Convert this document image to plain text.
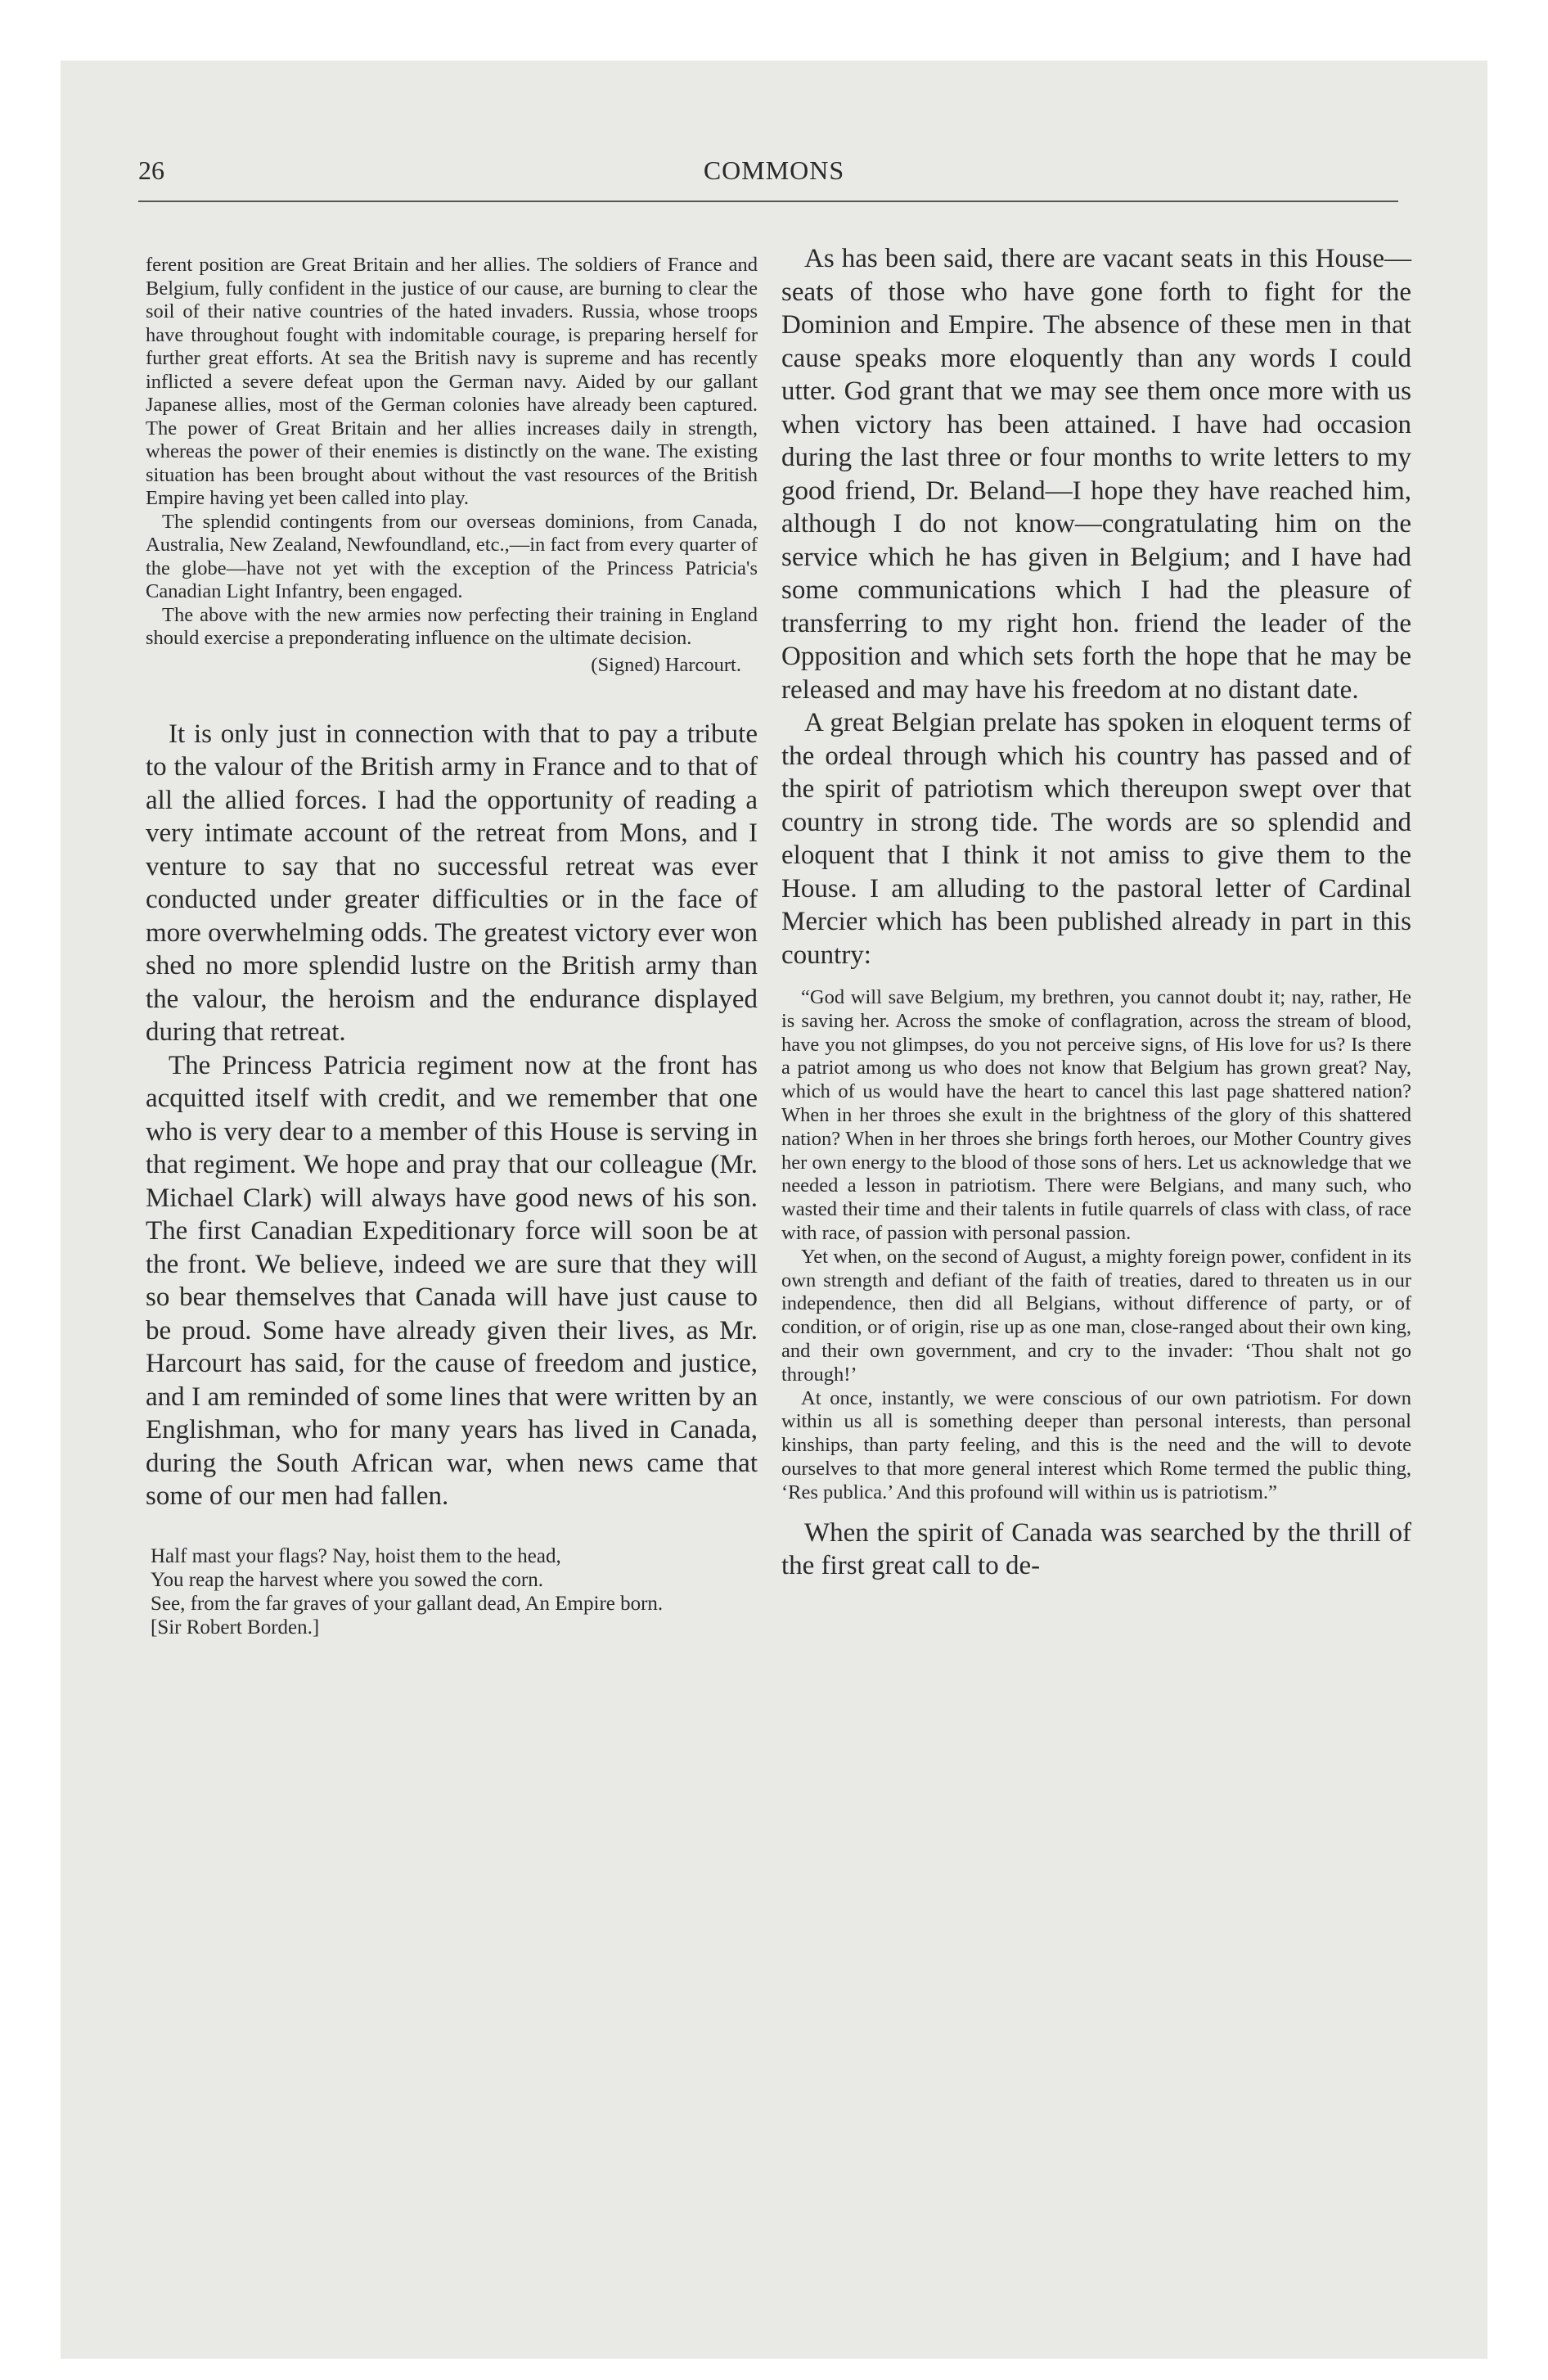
26	COMMONS

ferent position are Great Britain and her allies. The soldiers of France and Belgium, fully confident in the justice of our cause, are burning to clear the soil of their native countries of the hated invaders. Russia, whose troops have throughout fought with indomitable courage, is preparing herself for further great efforts. At sea the British navy is supreme and has recently inflicted a severe defeat upon the German navy. Aided by our gallant Japanese allies, most of the German colonies have already been captured. The power of Great Britain and her allies increases daily in strength, whereas the power of their enemies is distinctly on the wane. The existing situation has been brought about without the vast resources of the British Empire having yet been called into play.

The splendid contingents from our overseas dominions, from Canada, Australia, New Zealand, Newfoundland, etc.,—in fact from every quarter of the globe—have not yet with the exception of the Princess Patricia's Canadian Light Infantry, been engaged.

The above with the new armies now perfecting their training in England should exercise a preponderating influence on the ultimate decision.

(Signed) Harcourt.

It is only just in connection with that to pay a tribute to the valour of the British army in France and to that of all the allied forces. I had the opportunity of reading a very intimate account of the retreat from Mons, and I venture to say that no successful retreat was ever conducted under greater difficulties or in the face of more overwhelming odds. The greatest victory ever won shed no more splendid lustre on the British army than the valour, the heroism and the endurance displayed during that retreat.

The Princess Patricia regiment now at the front has acquitted itself with credit, and we remember that one who is very dear to a member of this House is serving in that regiment. We hope and pray that our colleague (Mr. Michael Clark) will always have good news of his son. The first Canadian Expeditionary force will soon be at the front. We believe, indeed we are sure that they will so bear themselves that Canada will have just cause to be proud. Some have already given their lives, as Mr. Harcourt has said, for the cause of freedom and justice, and I am reminded of some lines that were written by an Englishman, who for many years has lived in Canada, during the South African war, when news came that some of our men had fallen.

Half mast your flags? Nay, hoist them to the head,

You reap the harvest where you sowed the corn.

See, from the far graves of your gallant dead, An Empire born.

[Sir Robert Borden.]

As has been said, there are vacant seats in this House—seats of those who have gone forth to fight for the Dominion and Empire. The absence of these men in that cause speaks more eloquently than any words I could utter. God grant that we may see them once more with us when victory has been attained. I have had occasion during the last three or four months to write letters to my good friend, Dr. Beland—I hope they have reached him, although I do not know—congratulating him on the service which he has given in Belgium; and I have had some communications which I had the pleasure of transferring to my right hon. friend the leader of the Opposition and which sets forth the hope that he may be released and may have his freedom at no distant date.

A great Belgian prelate has spoken in eloquent terms of the ordeal through which his country has passed and of the spirit of patriotism which thereupon swept over that country in strong tide. The words are so splendid and eloquent that I think it not amiss to give them to the House. I am alluding to the pastoral letter of Cardinal Mercier which has been published already in part in this country:

“God will save Belgium, my brethren, you cannot doubt it; nay, rather, He is saving her. Across the smoke of conflagration, across the stream of blood, have you not glimpses, do you not perceive signs, of His love for us? Is there a patriot among us who does not know that Belgium has grown great? Nay, which of us would have the heart to cancel this last page shattered nation? When in her throes she exult in the brightness of the glory of this shattered nation? When in her throes she brings forth heroes, our Mother Country gives her own energy to the blood of those sons of hers. Let us acknowledge that we needed a lesson in patriotism. There were Belgians, and many such, who wasted their time and their talents in futile quarrels of class with class, of race with race, of passion with personal passion.

Yet when, on the second of August, a mighty foreign power, confident in its own strength and defiant of the faith of treaties, dared to threaten us in our independence, then did all Belgians, without difference of party, or of condition, or of origin, rise up as one man, close-ranged about their own king, and their own government, and cry to the invader: ‘Thou shalt not go through!’

At once, instantly, we were conscious of our own patriotism. For down within us all is something deeper than personal interests, than personal kinships, than party feeling, and this is the need and the will to devote ourselves to that more general interest which Rome termed the public thing, ‘Res publica.’ And this profound will within us is patriotism.”

When the spirit of Canada was searched by the thrill of the first great call to de-
